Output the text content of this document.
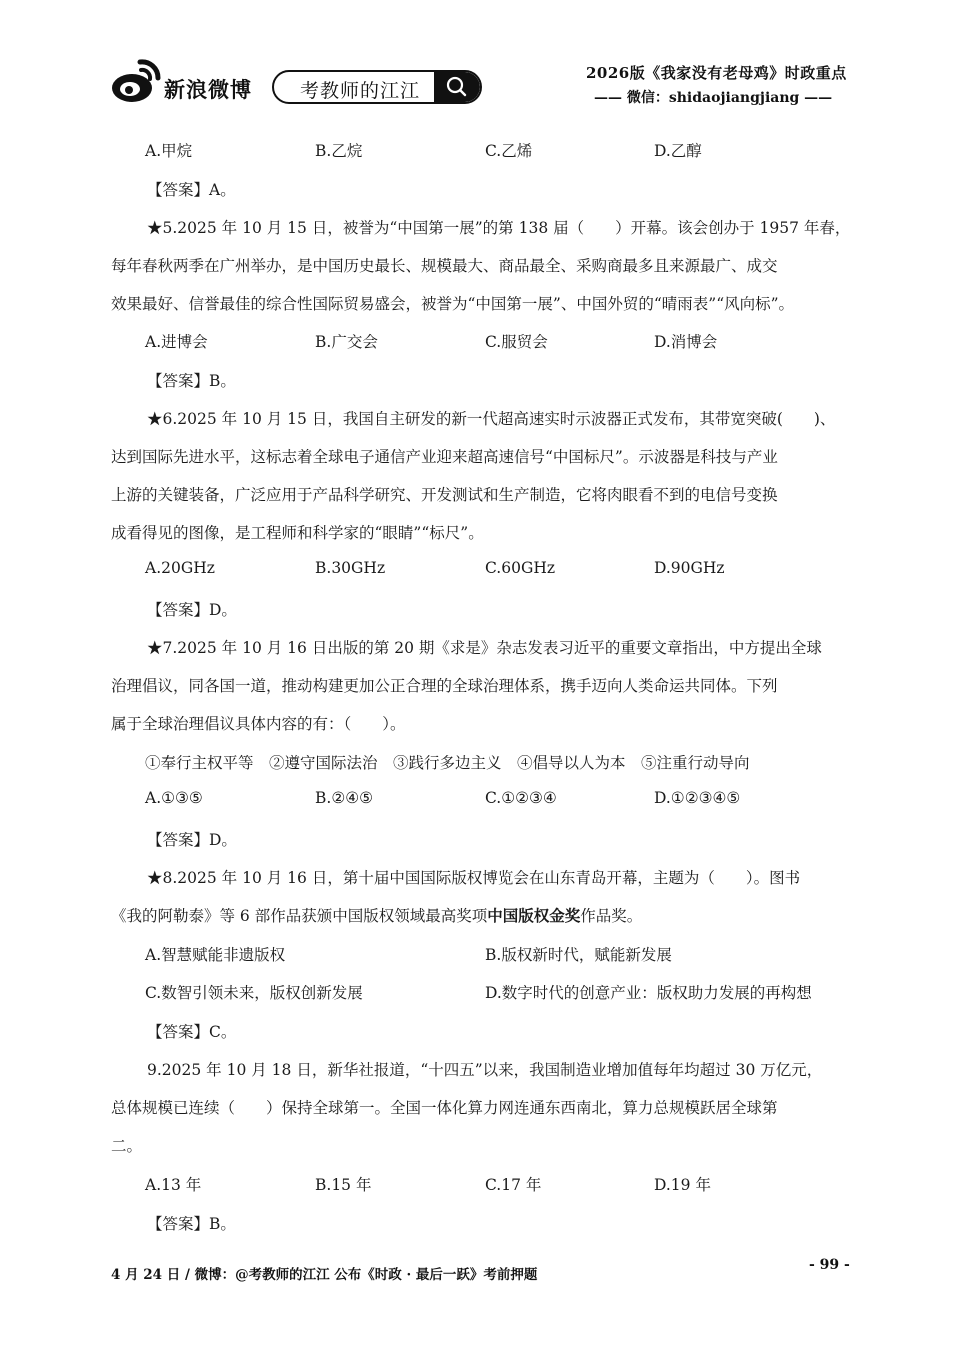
新浪微博	考教师的江江
2026版《我家没有老母鸡》时政重点
—— 微信：shidaojiangjiang ——
A.甲烷	B.乙烷	C.乙烯	D.乙醇
【答案】A。
★5.2025 年 10 月 15 日，被誉为“中国第一展”的第 138 届（　　）开幕。该会创办于 1957 年春，
每年春秋两季在广州举办，是中国历史最长、规模最大、商品最全、采购商最多且来源最广、成交
效果最好、信誉最佳的综合性国际贸易盛会，被誉为“中国第一展”、中国外贸的“晴雨表”“风向标”。
A.进博会	B.广交会	C.服贸会	D.消博会
【答案】B。
★6.2025 年 10 月 15 日，我国自主研发的新一代超高速实时示波器正式发布，其带宽突破(　　)、
达到国际先进水平，这标志着全球电子通信产业迎来超高速信号“中国标尺”。示波器是科技与产业
上游的关键装备，广泛应用于产品科学研究、开发测试和生产制造，它将肉眼看不到的电信号变换
成看得见的图像，是工程师和科学家的“眼睛”“标尺”。
A.20GHz	B.30GHz	C.60GHz	D.90GHz
【答案】D。
★7.2025 年 10 月 16 日出版的第 20 期《求是》杂志发表习近平的重要文章指出，中方提出全球
治理倡议，同各国一道，推动构建更加公正合理的全球治理体系，携手迈向人类命运共同体。下列
属于全球治理倡议具体内容的有：（　　）。
①奉行主权平等　②遵守国际法治　③践行多边主义　④倡导以人为本　⑤注重行动导向
A.①③⑤	B.②④⑤	C.①②③④	D.①②③④⑤
【答案】D。
★8.2025 年 10 月 16 日，第十届中国国际版权博览会在山东青岛开幕，主题为（　　）。图书
《我的阿勒泰》等 6 部作品获颁中国版权领域最高奖项中国版权金奖作品奖。
A.智慧赋能非遗版权	B.版权新时代，赋能新发展
C.数智引领未来，版权创新发展	D.数字时代的创意产业：版权助力发展的再构想
【答案】C。
9.2025 年 10 月 18 日，新华社报道，“十四五”以来，我国制造业增加值每年均超过 30 万亿元，
总体规模已连续（　　）保持全球第一。全国一体化算力网连通东西南北，算力总规模跃居全球第
二。
A.13 年	B.15 年	C.17 年	D.19 年
【答案】B。
4 月 24 日 / 微博：@考教师的江江 公布《时政 · 最后一跃》考前押题
- 99 -
